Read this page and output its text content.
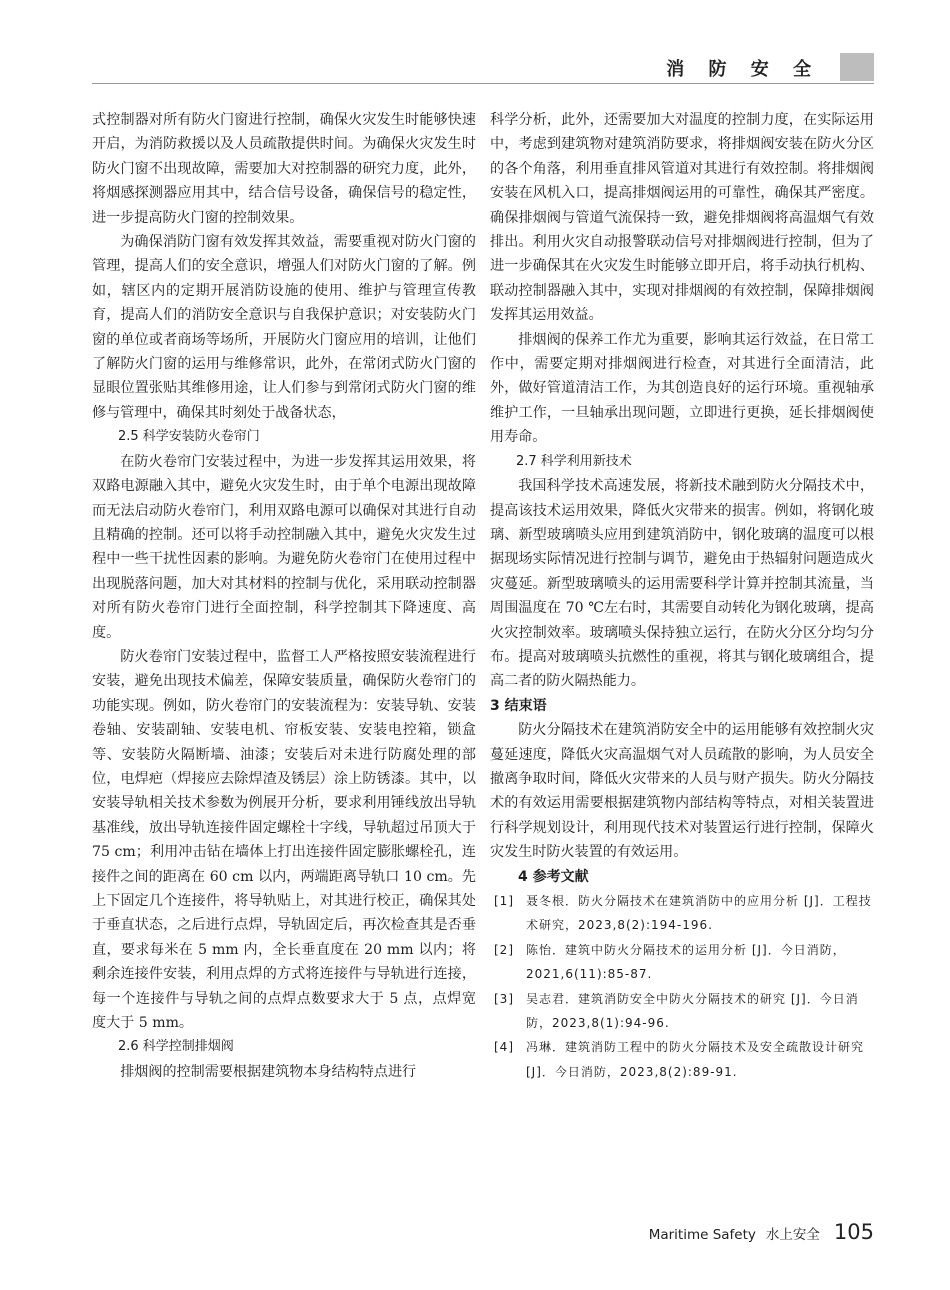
消 防 安 全

式控制器对所有防火门窗进行控制，确保火灾发生时能够快速开启，为消防救援以及人员疏散提供时间。为确保火灾发生时防火门窗不出现故障，需要加大对控制器的研究力度，此外，将烟感探测器应用其中，结合信号设备，确保信号的稳定性，进一步提高防火门窗的控制效果。

为确保消防门窗有效发挥其效益，需要重视对防火门窗的管理，提高人们的安全意识，增强人们对防火门窗的了解。例如，辖区内的定期开展消防设施的使用、维护与管理宣传教育，提高人们的消防安全意识与自我保护意识；对安装防火门窗的单位或者商场等场所，开展防火门窗应用的培训，让他们了解防火门窗的运用与维修常识，此外，在常闭式防火门窗的显眼位置张贴其维修用途，让人们参与到常闭式防火门窗的维修与管理中，确保其时刻处于战备状态，

2.5 科学安装防火卷帘门

在防火卷帘门安装过程中，为进一步发挥其运用效果，将双路电源融入其中，避免火灾发生时，由于单个电源出现故障而无法启动防火卷帘门，利用双路电源可以确保对其进行自动且精确的控制。还可以将手动控制融入其中，避免火灾发生过程中一些干扰性因素的影响。为避免防火卷帘门在使用过程中出现脱落问题，加大对其材料的控制与优化，采用联动控制器对所有防火卷帘门进行全面控制，科学控制其下降速度、高度。

防火卷帘门安装过程中，监督工人严格按照安装流程进行安装，避免出现技术偏差，保障安装质量，确保防火卷帘门的功能实现。例如，防火卷帘门的安装流程为：安装导轨、安装卷轴、安装副轴、安装电机、帘板安装、安装电控箱，锁盒等、安装防火隔断墙、油漆；安装后对未进行防腐处理的部位，电焊疤（焊接应去除焊渣及锈层）涂上防锈漆。其中，以安装导轨相关技术参数为例展开分析，要求利用锤线放出导轨基准线，放出导轨连接件固定螺栓十字线，导轨超过吊顶大于 75 cm；利用冲击钻在墙体上打出连接件固定膨胀螺栓孔，连接件之间的距离在 60 cm 以内，两端距离导轨口 10 cm。先上下固定几个连接件，将导轨贴上，对其进行校正，确保其处于垂直状态，之后进行点焊，导轨固定后，再次检查其是否垂直，要求每米在 5 mm 内，全长垂直度在 20 mm 以内；将剩余连接件安装，利用点焊的方式将连接件与导轨进行连接，每一个连接件与导轨之间的点焊点数要求大于 5 点，点焊宽度大于 5 mm。

2.6 科学控制排烟阀

排烟阀的控制需要根据建筑物本身结构特点进行

科学分析，此外，还需要加大对温度的控制力度，在实际运用中，考虑到建筑物对建筑消防要求，将排烟阀安装在防火分区的各个角落，利用垂直排风管道对其进行有效控制。将排烟阀安装在风机入口，提高排烟阀运用的可靠性，确保其严密度。确保排烟阀与管道气流保持一致，避免排烟阀将高温烟气有效排出。利用火灾自动报警联动信号对排烟阀进行控制，但为了进一步确保其在火灾发生时能够立即开启，将手动执行机构、联动控制器融入其中，实现对排烟阀的有效控制，保障排烟阀发挥其运用效益。

排烟阀的保养工作尤为重要，影响其运行效益，在日常工作中，需要定期对排烟阀进行检查，对其进行全面清洁，此外，做好管道清洁工作，为其创造良好的运行环境。重视轴承维护工作，一旦轴承出现问题，立即进行更换，延长排烟阀使用寿命。

2.7 科学利用新技术

我国科学技术高速发展，将新技术融到防火分隔技术中，提高该技术运用效果，降低火灾带来的损害。例如，将钢化玻璃、新型玻璃喷头应用到建筑消防中，钢化玻璃的温度可以根据现场实际情况进行控制与调节，避免由于热辐射问题造成火灾蔓延。新型玻璃喷头的运用需要科学计算并控制其流量，当周围温度在 70 ℃左右时，其需要自动转化为钢化玻璃，提高火灾控制效率。玻璃喷头保持独立运行，在防火分区分均匀分布。提高对玻璃喷头抗燃性的重视，将其与钢化玻璃组合，提高二者的防火隔热能力。

3 结束语

防火分隔技术在建筑消防安全中的运用能够有效控制火灾蔓延速度，降低火灾高温烟气对人员疏散的影响，为人员安全撤离争取时间，降低火灾带来的人员与财产损失。防火分隔技术的有效运用需要根据建筑物内部结构等特点，对相关装置进行科学规划设计，利用现代技术对装置运行进行控制，保障火灾发生时防火装置的有效运用。

4 参考文献

[1] 聂冬根．防火分隔技术在建筑消防中的应用分析 [J]．工程技术研究，2023,8(2):194-196.
[2] 陈怡．建筑中防火分隔技术的运用分析 [J]．今日消防，2021,6(11):85-87.
[3] 吴志君．建筑消防安全中防火分隔技术的研究 [J]．今日消防，2023,8(1):94-96.
[4] 冯琳．建筑消防工程中的防火分隔技术及安全疏散设计研究 [J]．今日消防，2023,8(2):89-91.
Maritime Safety 水上安全 105
